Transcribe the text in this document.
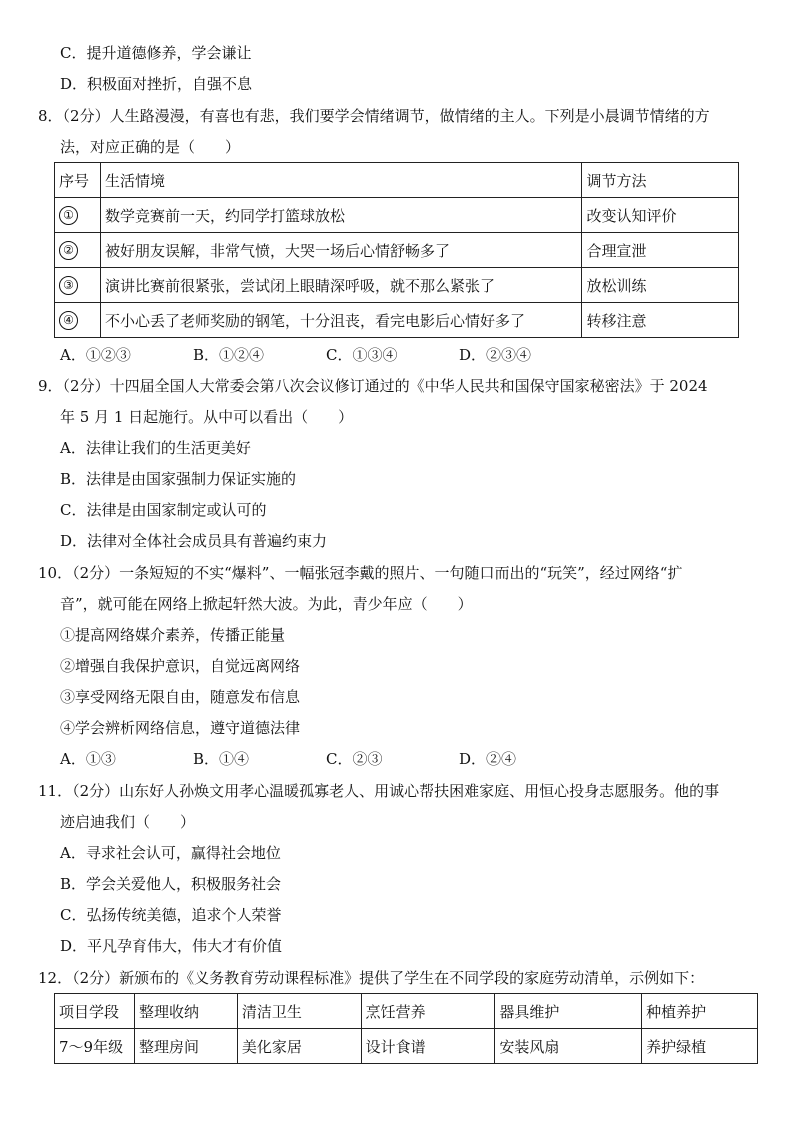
C．提升道德修养，学会谦让
D．积极面对挫折，自强不息
8．（2分）人生路漫漫，有喜也有悲，我们要学会情绪调节，做情绪的主人。下列是小晨调节情绪的方
法，对应正确的是（　　）
序号	生活情境	调节方法
①	数学竞赛前一天，约同学打篮球放松	改变认知评价
②	被好朋友误解，非常气愤，大哭一场后心情舒畅多了	合理宣泄
③	演讲比赛前很紧张，尝试闭上眼睛深呼吸，就不那么紧张了	放松训练
④	不小心丢了老师奖励的钢笔，十分沮丧，看完电影后心情好多了	转移注意
A．①②③	B．①②④	C．①③④	D．②③④
9．（2分）十四届全国人大常委会第八次会议修订通过的《中华人民共和国保守国家秘密法》于 2024
年 5 月 1 日起施行。从中可以看出（　　）
A．法律让我们的生活更美好
B．法律是由国家强制力保证实施的
C．法律是由国家制定或认可的
D．法律对全体社会成员具有普遍约束力
10．（2分）一条短短的不实“爆料”、一幅张冠李戴的照片、一句随口而出的“玩笑”，经过网络“扩
音”，就可能在网络上掀起轩然大波。为此，青少年应（　　）
①提高网络媒介素养，传播正能量
②增强自我保护意识，自觉远离网络
③享受网络无限自由，随意发布信息
④学会辨析网络信息，遵守道德法律
A．①③	B．①④	C．②③	D．②④
11．（2分）山东好人孙焕文用孝心温暖孤寡老人、用诚心帮扶困难家庭、用恒心投身志愿服务。他的事
迹启迪我们（　　）
A．寻求社会认可，赢得社会地位
B．学会关爱他人，积极服务社会
C．弘扬传统美德，追求个人荣誉
D．平凡孕育伟大，伟大才有价值
12．（2分）新颁布的《义务教育劳动课程标准》提供了学生在不同学段的家庭劳动清单，示例如下：
项目学段	整理收纳	清洁卫生	烹饪营养	器具维护	种植养护
7～9年级	整理房间	美化家居	设计食谱	安装风扇	养护绿植
